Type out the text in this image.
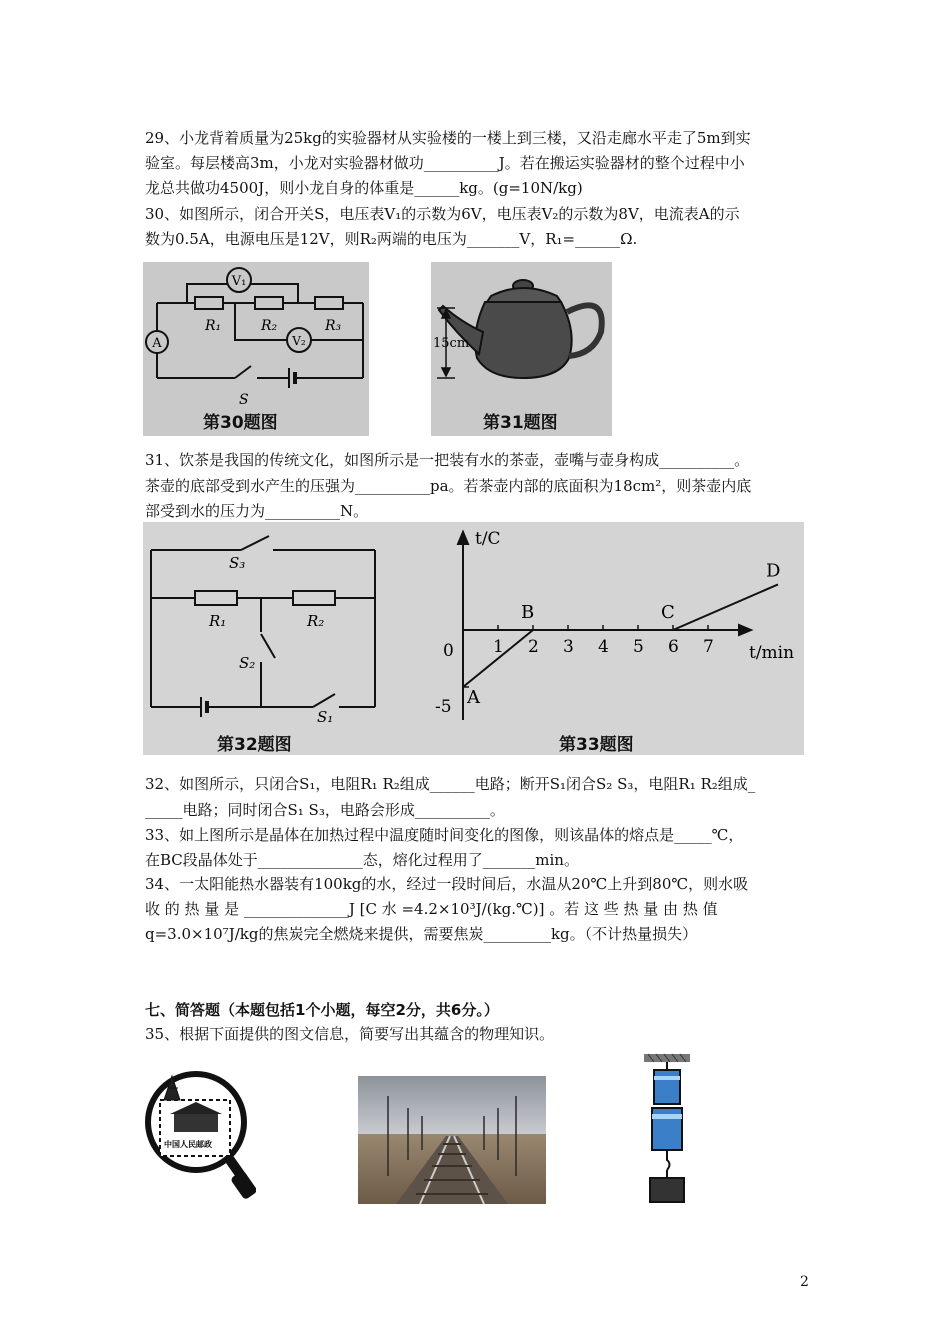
29、小龙背着质量为25kg的实验器材从实验楼的一楼上到三楼，又沿走廊水平走了5m到实
验室。每层楼高3m，小龙对实验器材做功__________J。若在搬运实验器材的整个过程中小
龙总共做功4500J，则小龙自身的体重是______kg。(g=10N/kg)
30、如图所示，闭合开关S，电压表V₁的示数为6V，电压表V₂的示数为8V，电流表A的示
数为0.5A，电源电压是12V，则R₂两端的电压为_______V，R₁=______Ω.
V₁
A
R₁	R₂	R₃
V₂
S
第30题图
15cm
第31题图
31、饮茶是我国的传统文化，如图所示是一把装有水的茶壶，壶嘴与壶身构成__________。
茶壶的底部受到水产生的压强为__________pa。若茶壶内部的底面积为18cm²，则茶壶内底
部受到水的压力为__________N。
S₃
R₁	R₂
S₂
S₁
t/C
t/min
0
-5
1 2 3 4 5 6 7
A
B	C
D
第32题图	第33题图
32、如图所示，只闭合S₁，电阻R₁ R₂组成______电路；断开S₁闭合S₂ S₃，电阻R₁ R₂组成_
_____电路；同时闭合S₁ S₃，电路会形成__________。
33、如上图所示是晶体在加热过程中温度随时间变化的图像，则该晶体的熔点是_____℃，
在BC段晶体处于______________态，熔化过程用了_______min。
34、一太阳能热水器装有100kg的水，经过一段时间后，水温从20℃上升到80℃，则水吸
收 的 热 量 是 ______________J [C 水 =4.2×10³J/(kg.℃)] 。若 这 些 热 量 由 热 值
q=3.0×10⁷J/kg的焦炭完全燃烧来提供，需要焦炭_________kg。（不计热量损失）
七、简答题（本题包括1个小题，每空2分，共6分。）
35、根据下面提供的图文信息，简要写出其蕴含的物理知识。
中国人民邮政
2
